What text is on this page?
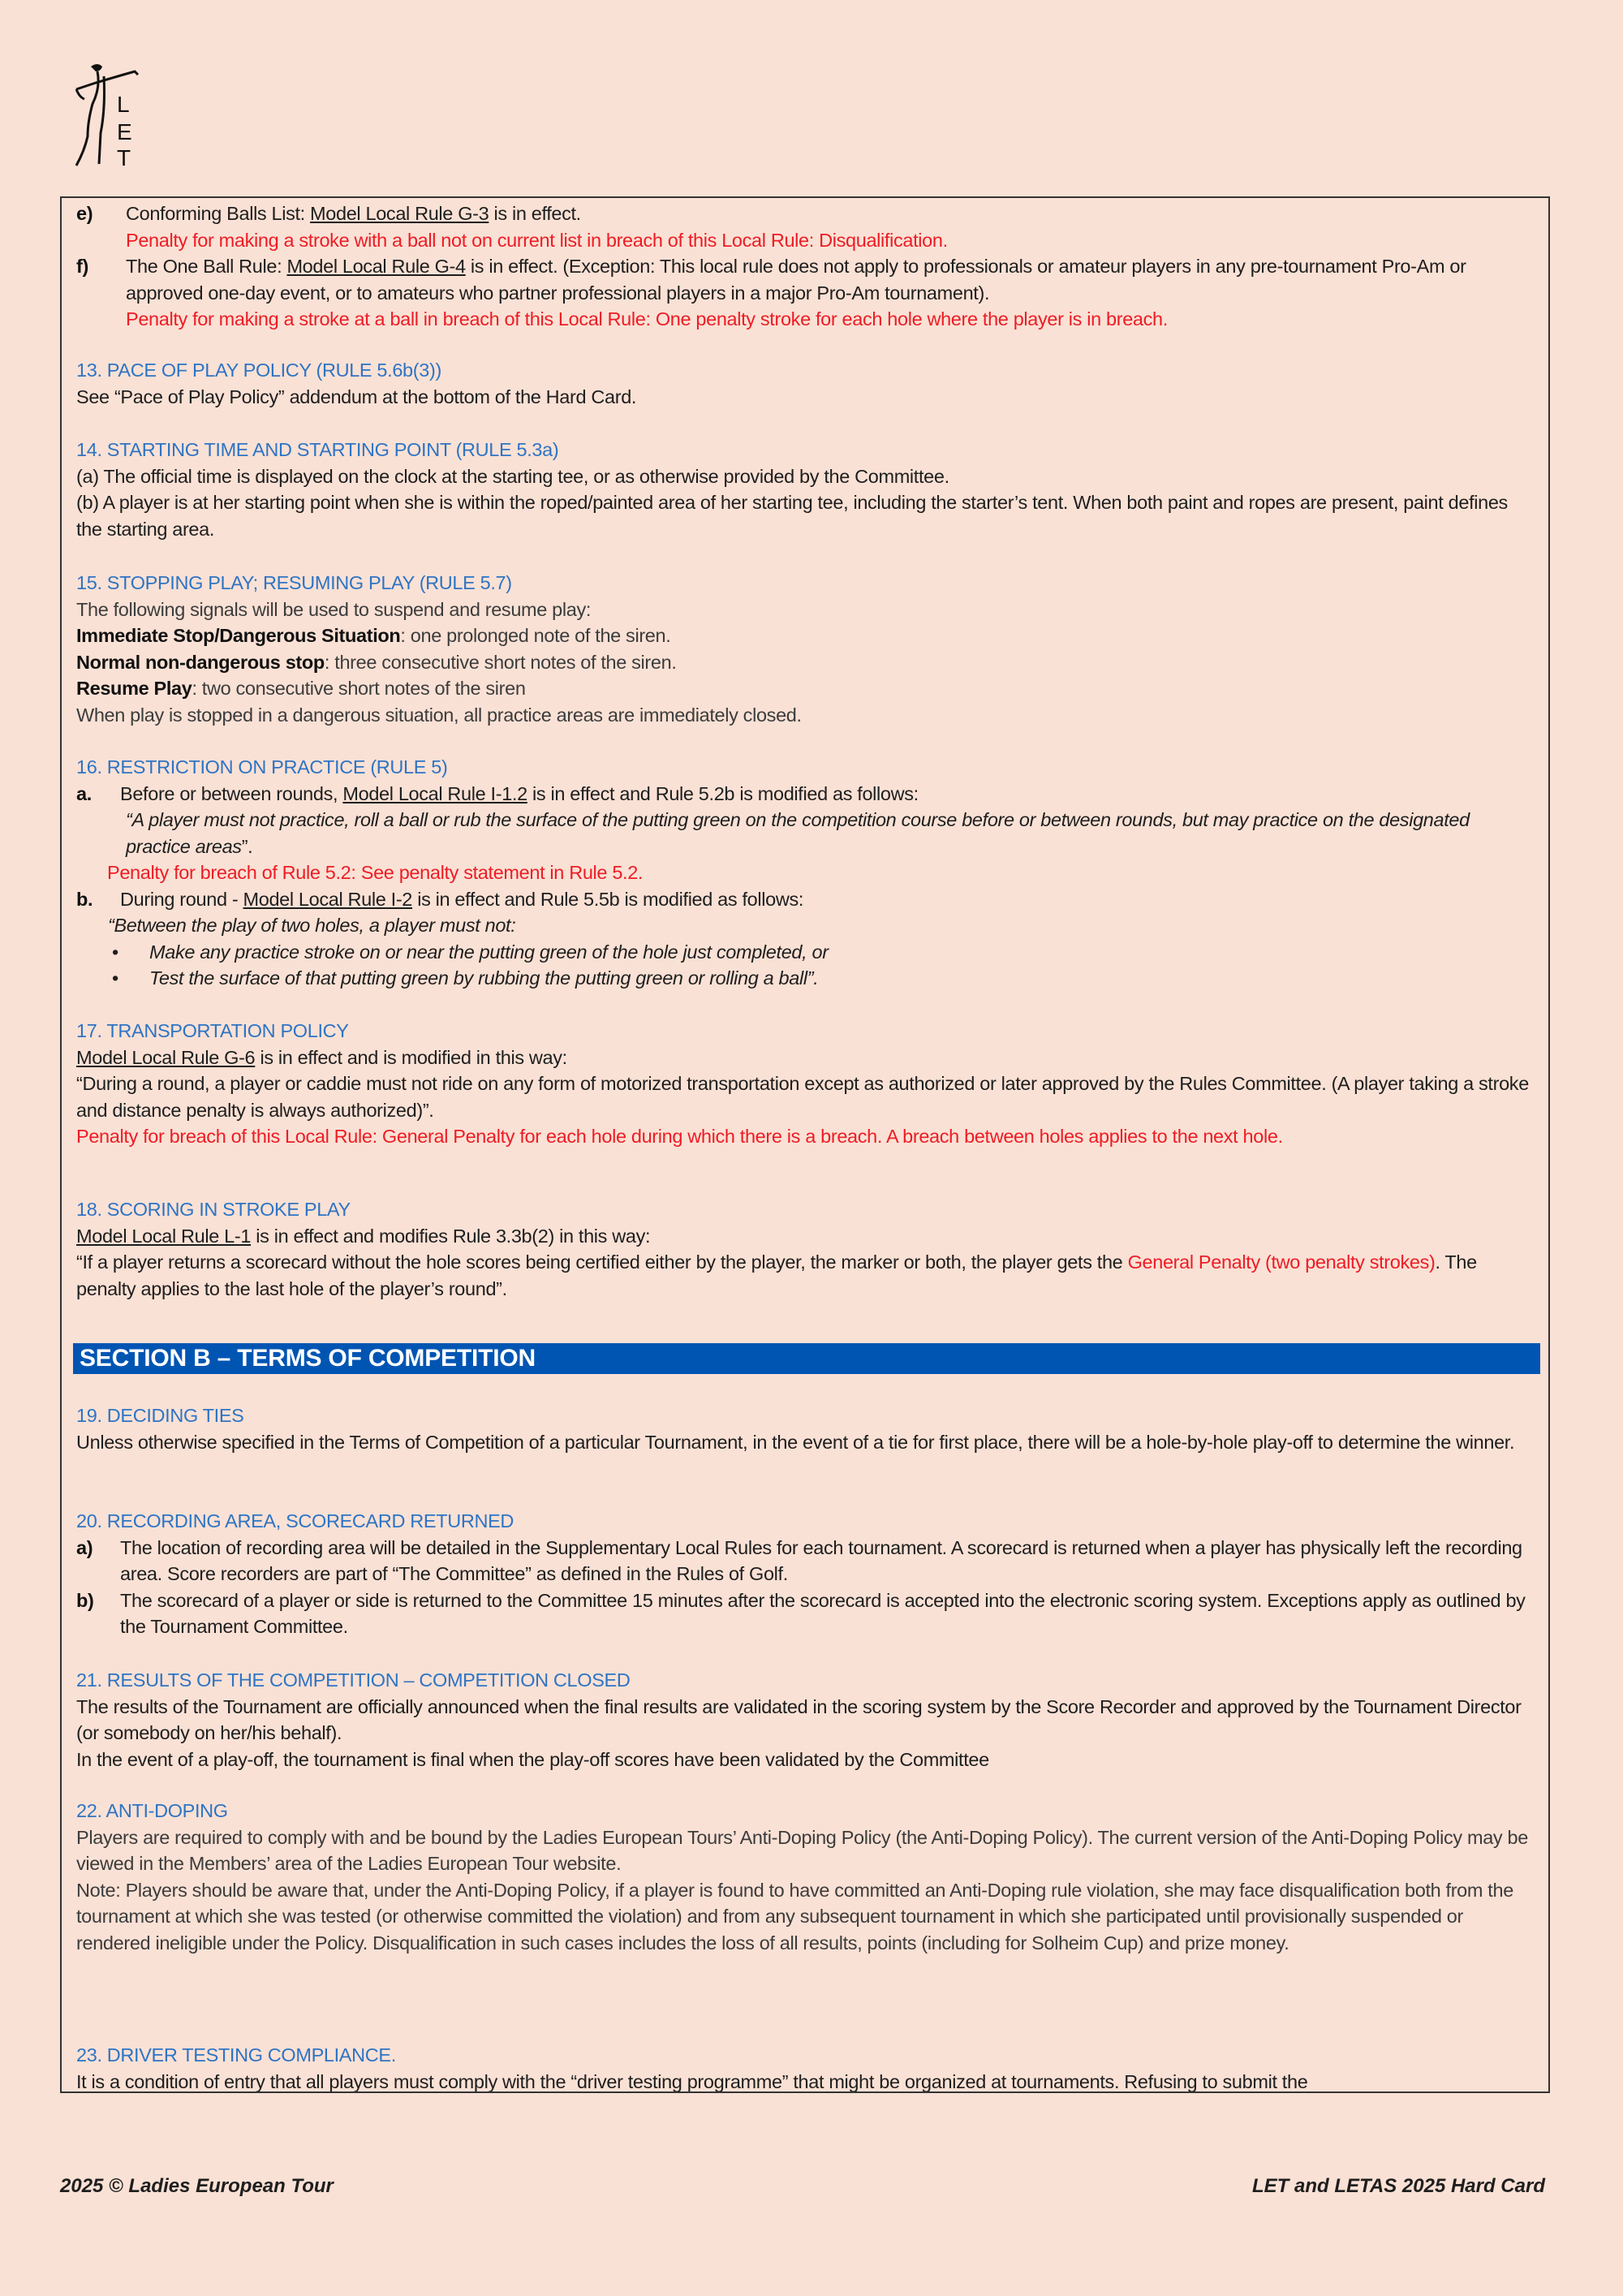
L
E
T
e) Conforming Balls List: Model Local Rule G-3 is in effect.
Penalty for making a stroke with a ball not on current list in breach of this Local Rule: Disqualification.
f) The One Ball Rule: Model Local Rule G-4 is in effect. (Exception: This local rule does not apply to professionals or amateur players in any pre-tournament Pro-Am or approved one-day event, or to amateurs who partner professional players in a major Pro-Am tournament).
Penalty for making a stroke at a ball in breach of this Local Rule: One penalty stroke for each hole where the player is in breach.
13. PACE OF PLAY POLICY (RULE 5.6b(3))
See “Pace of Play Policy” addendum at the bottom of the Hard Card.
14. STARTING TIME AND STARTING POINT (RULE 5.3a)
(a) The official time is displayed on the clock at the starting tee, or as otherwise provided by the Committee.
(b) A player is at her starting point when she is within the roped/painted area of her starting tee, including the starter’s tent. When both paint and ropes are present, paint defines the starting area.
15. STOPPING PLAY; RESUMING PLAY (RULE 5.7)
The following signals will be used to suspend and resume play:
Immediate Stop/Dangerous Situation: one prolonged note of the siren.
Normal non-dangerous stop: three consecutive short notes of the siren.
Resume Play: two consecutive short notes of the siren
When play is stopped in a dangerous situation, all practice areas are immediately closed.
16. RESTRICTION ON PRACTICE (RULE 5)
a. Before or between rounds, Model Local Rule I-1.2 is in effect and Rule 5.2b is modified as follows:
“A player must not practice, roll a ball or rub the surface of the putting green on the competition course before or between rounds, but may practice on the designated practice areas”.
Penalty for breach of Rule 5.2: See penalty statement in Rule 5.2.
b. During round - Model Local Rule I-2 is in effect and Rule 5.5b is modified as follows:
“Between the play of two holes, a player must not:
• Make any practice stroke on or near the putting green of the hole just completed, or
• Test the surface of that putting green by rubbing the putting green or rolling a ball”.
17. TRANSPORTATION POLICY
Model Local Rule G-6 is in effect and is modified in this way:
“During a round, a player or caddie must not ride on any form of motorized transportation except as authorized or later approved by the Rules Committee. (A player taking a stroke and distance penalty is always authorized)”.
Penalty for breach of this Local Rule: General Penalty for each hole during which there is a breach. A breach between holes applies to the next hole.
18. SCORING IN STROKE PLAY
Model Local Rule L-1 is in effect and modifies Rule 3.3b(2) in this way:
“If a player returns a scorecard without the hole scores being certified either by the player, the marker or both, the player gets the General Penalty (two penalty strokes). The penalty applies to the last hole of the player’s round”.
SECTION B – TERMS OF COMPETITION
19. DECIDING TIES
Unless otherwise specified in the Terms of Competition of a particular Tournament, in the event of a tie for first place, there will be a hole-by-hole play-off to determine the winner.
20. RECORDING AREA, SCORECARD RETURNED
a) The location of recording area will be detailed in the Supplementary Local Rules for each tournament. A scorecard is returned when a player has physically left the recording area. Score recorders are part of “The Committee” as defined in the Rules of Golf.
b) The scorecard of a player or side is returned to the Committee 15 minutes after the scorecard is accepted into the electronic scoring system. Exceptions apply as outlined by the Tournament Committee.
21. RESULTS OF THE COMPETITION – COMPETITION CLOSED
The results of the Tournament are officially announced when the final results are validated in the scoring system by the Score Recorder and approved by the Tournament Director (or somebody on her/his behalf).
In the event of a play-off, the tournament is final when the play-off scores have been validated by the Committee
22. ANTI-DOPING
Players are required to comply with and be bound by the Ladies European Tours’ Anti-Doping Policy (the Anti-Doping Policy). The current version of the Anti-Doping Policy may be viewed in the Members’ area of the Ladies European Tour website.
Note: Players should be aware that, under the Anti-Doping Policy, if a player is found to have committed an Anti-Doping rule violation, she may face disqualification both from the tournament at which she was tested (or otherwise committed the violation) and from any subsequent tournament in which she participated until provisionally suspended or rendered ineligible under the Policy. Disqualification in such cases includes the loss of all results, points (including for Solheim Cup) and prize money.
23. DRIVER TESTING COMPLIANCE.
It is a condition of entry that all players must comply with the “driver testing programme” that might be organized at tournaments. Refusing to submit the
2025 © Ladies European Tour	LET and LETAS 2025 Hard Card
